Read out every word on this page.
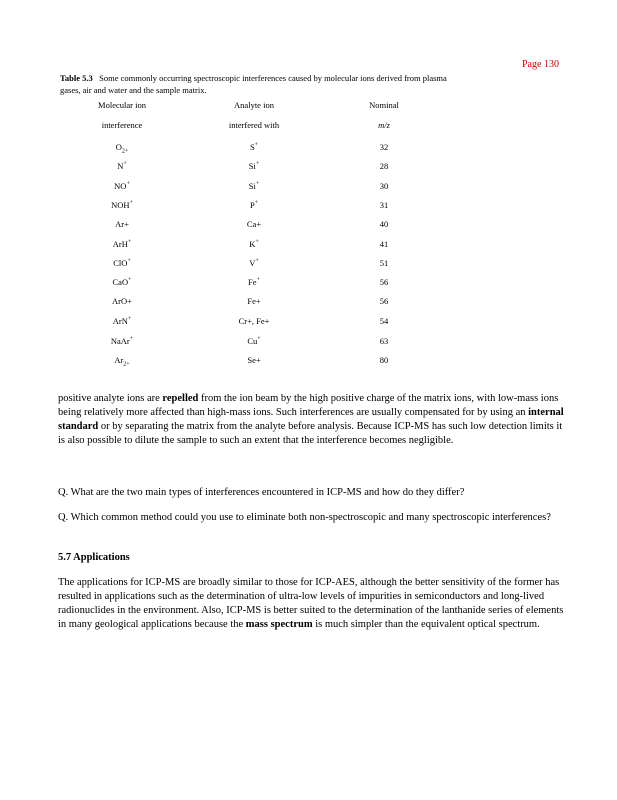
Page 130
Table 5.3 Some commonly occurring spectroscopic interferences caused by molecular ions derived from plasma gases, air and water and the sample matrix.
Molecular ion	Analyte ion	Nominal
interference	interfered with	m/z
$O_{2+}$	S+	32
N+	Si+	28
NO+	Si+	30
NOH+	P+	31
Ar+	Ca+	40
ArH+	K+	41
ClO+	V+	51
CaO+	Fe+	56
ArO+	Fe+	56
ArN+	Cr+, Fe+	54
NaAr+	Cu+	63
$Ar_{2+}$	Se+	80
positive analyte ions are repelled from the ion beam by the high positive charge of the matrix ions, with low-mass ions being relatively more affected than high-mass ions. Such interferences are usually compensated for by using an internal standard or by separating the matrix from the analyte before analysis. Because ICP-MS has such low detection limits it is also possible to dilute the sample to such an extent that the interference becomes negligible.
Q. What are the two main types of interferences encountered in ICP-MS and how do they differ?
Q. Which common method could you use to eliminate both non-spectroscopic and many spectroscopic interferences?
5.7 Applications
The applications for ICP-MS are broadly similar to those for ICP-AES, although the better sensitivity of the former has resulted in applications such as the determination of ultra-low levels of impurities in semiconductors and long-lived radionuclides in the environment. Also, ICP-MS is better suited to the determination of the lanthanide series of elements in many geological applications because the mass spectrum is much simpler than the equivalent optical spectrum.
